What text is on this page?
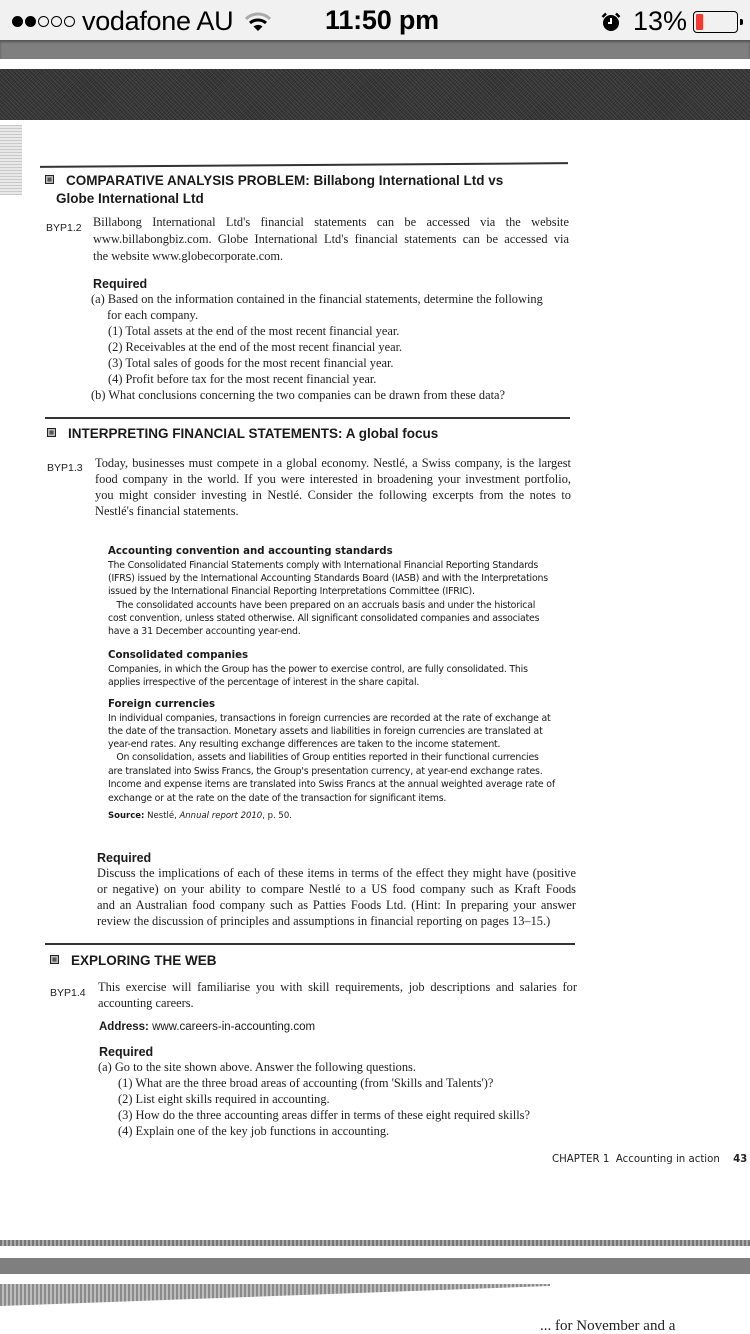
vodafone AU	11:50 pm	13%
COMPARATIVE ANALYSIS PROBLEM: Billabong International Ltd vs
Globe International Ltd
BYP1.2 Billabong International Ltd's financial statements can be accessed via the website
www.billabongbiz.com. Globe International Ltd's financial statements can be accessed via
the website www.globecorporate.com.
Required
(a) Based on the information contained in the financial statements, determine the following
for each company.
(1) Total assets at the end of the most recent financial year.
(2) Receivables at the end of the most recent financial year.
(3) Total sales of goods for the most recent financial year.
(4) Profit before tax for the most recent financial year.
(b) What conclusions concerning the two companies can be drawn from these data?
INTERPRETING FINANCIAL STATEMENTS: A global focus
BYP1.3 Today, businesses must compete in a global economy. Nestlé, a Swiss company, is the largest
food company in the world. If you were interested in broadening your investment portfolio,
you might consider investing in Nestlé. Consider the following excerpts from the notes to
Nestlé's financial statements.
Accounting convention and accounting standards
The Consolidated Financial Statements comply with International Financial Reporting Standards
(IFRS) issued by the International Accounting Standards Board (IASB) and with the Interpretations
issued by the International Financial Reporting Interpretations Committee (IFRIC).
The consolidated accounts have been prepared on an accruals basis and under the historical
cost convention, unless stated otherwise. All significant consolidated companies and associates
have a 31 December accounting year-end.
Consolidated companies
Companies, in which the Group has the power to exercise control, are fully consolidated. This
applies irrespective of the percentage of interest in the share capital.
Foreign currencies
In individual companies, transactions in foreign currencies are recorded at the rate of exchange at
the date of the transaction. Monetary assets and liabilities in foreign currencies are translated at
year-end rates. Any resulting exchange differences are taken to the income statement.
On consolidation, assets and liabilities of Group entities reported in their functional currencies
are translated into Swiss Francs, the Group's presentation currency, at year-end exchange rates.
Income and expense items are translated into Swiss Francs at the annual weighted average rate of
exchange or at the rate on the date of the transaction for significant items.
Source: Nestlé, Annual report 2010, p. 50.
Required
Discuss the implications of each of these items in terms of the effect they might have (positive
or negative) on your ability to compare Nestlé to a US food company such as Kraft Foods
and an Australian food company such as Patties Foods Ltd. (Hint: In preparing your answer
review the discussion of principles and assumptions in financial reporting on pages 13–15.)
EXPLORING THE WEB
BYP1.4 This exercise will familiarise you with skill requirements, job descriptions and salaries for
accounting careers.
Address: www.careers-in-accounting.com
Required
(a) Go to the site shown above. Answer the following questions.
(1) What are the three broad areas of accounting (from 'Skills and Talents')?
(2) List eight skills required in accounting.
(3) How do the three accounting areas differ in terms of these eight required skills?
(4) Explain one of the key job functions in accounting.
CHAPTER 1  Accounting in action 43
... for November and a
